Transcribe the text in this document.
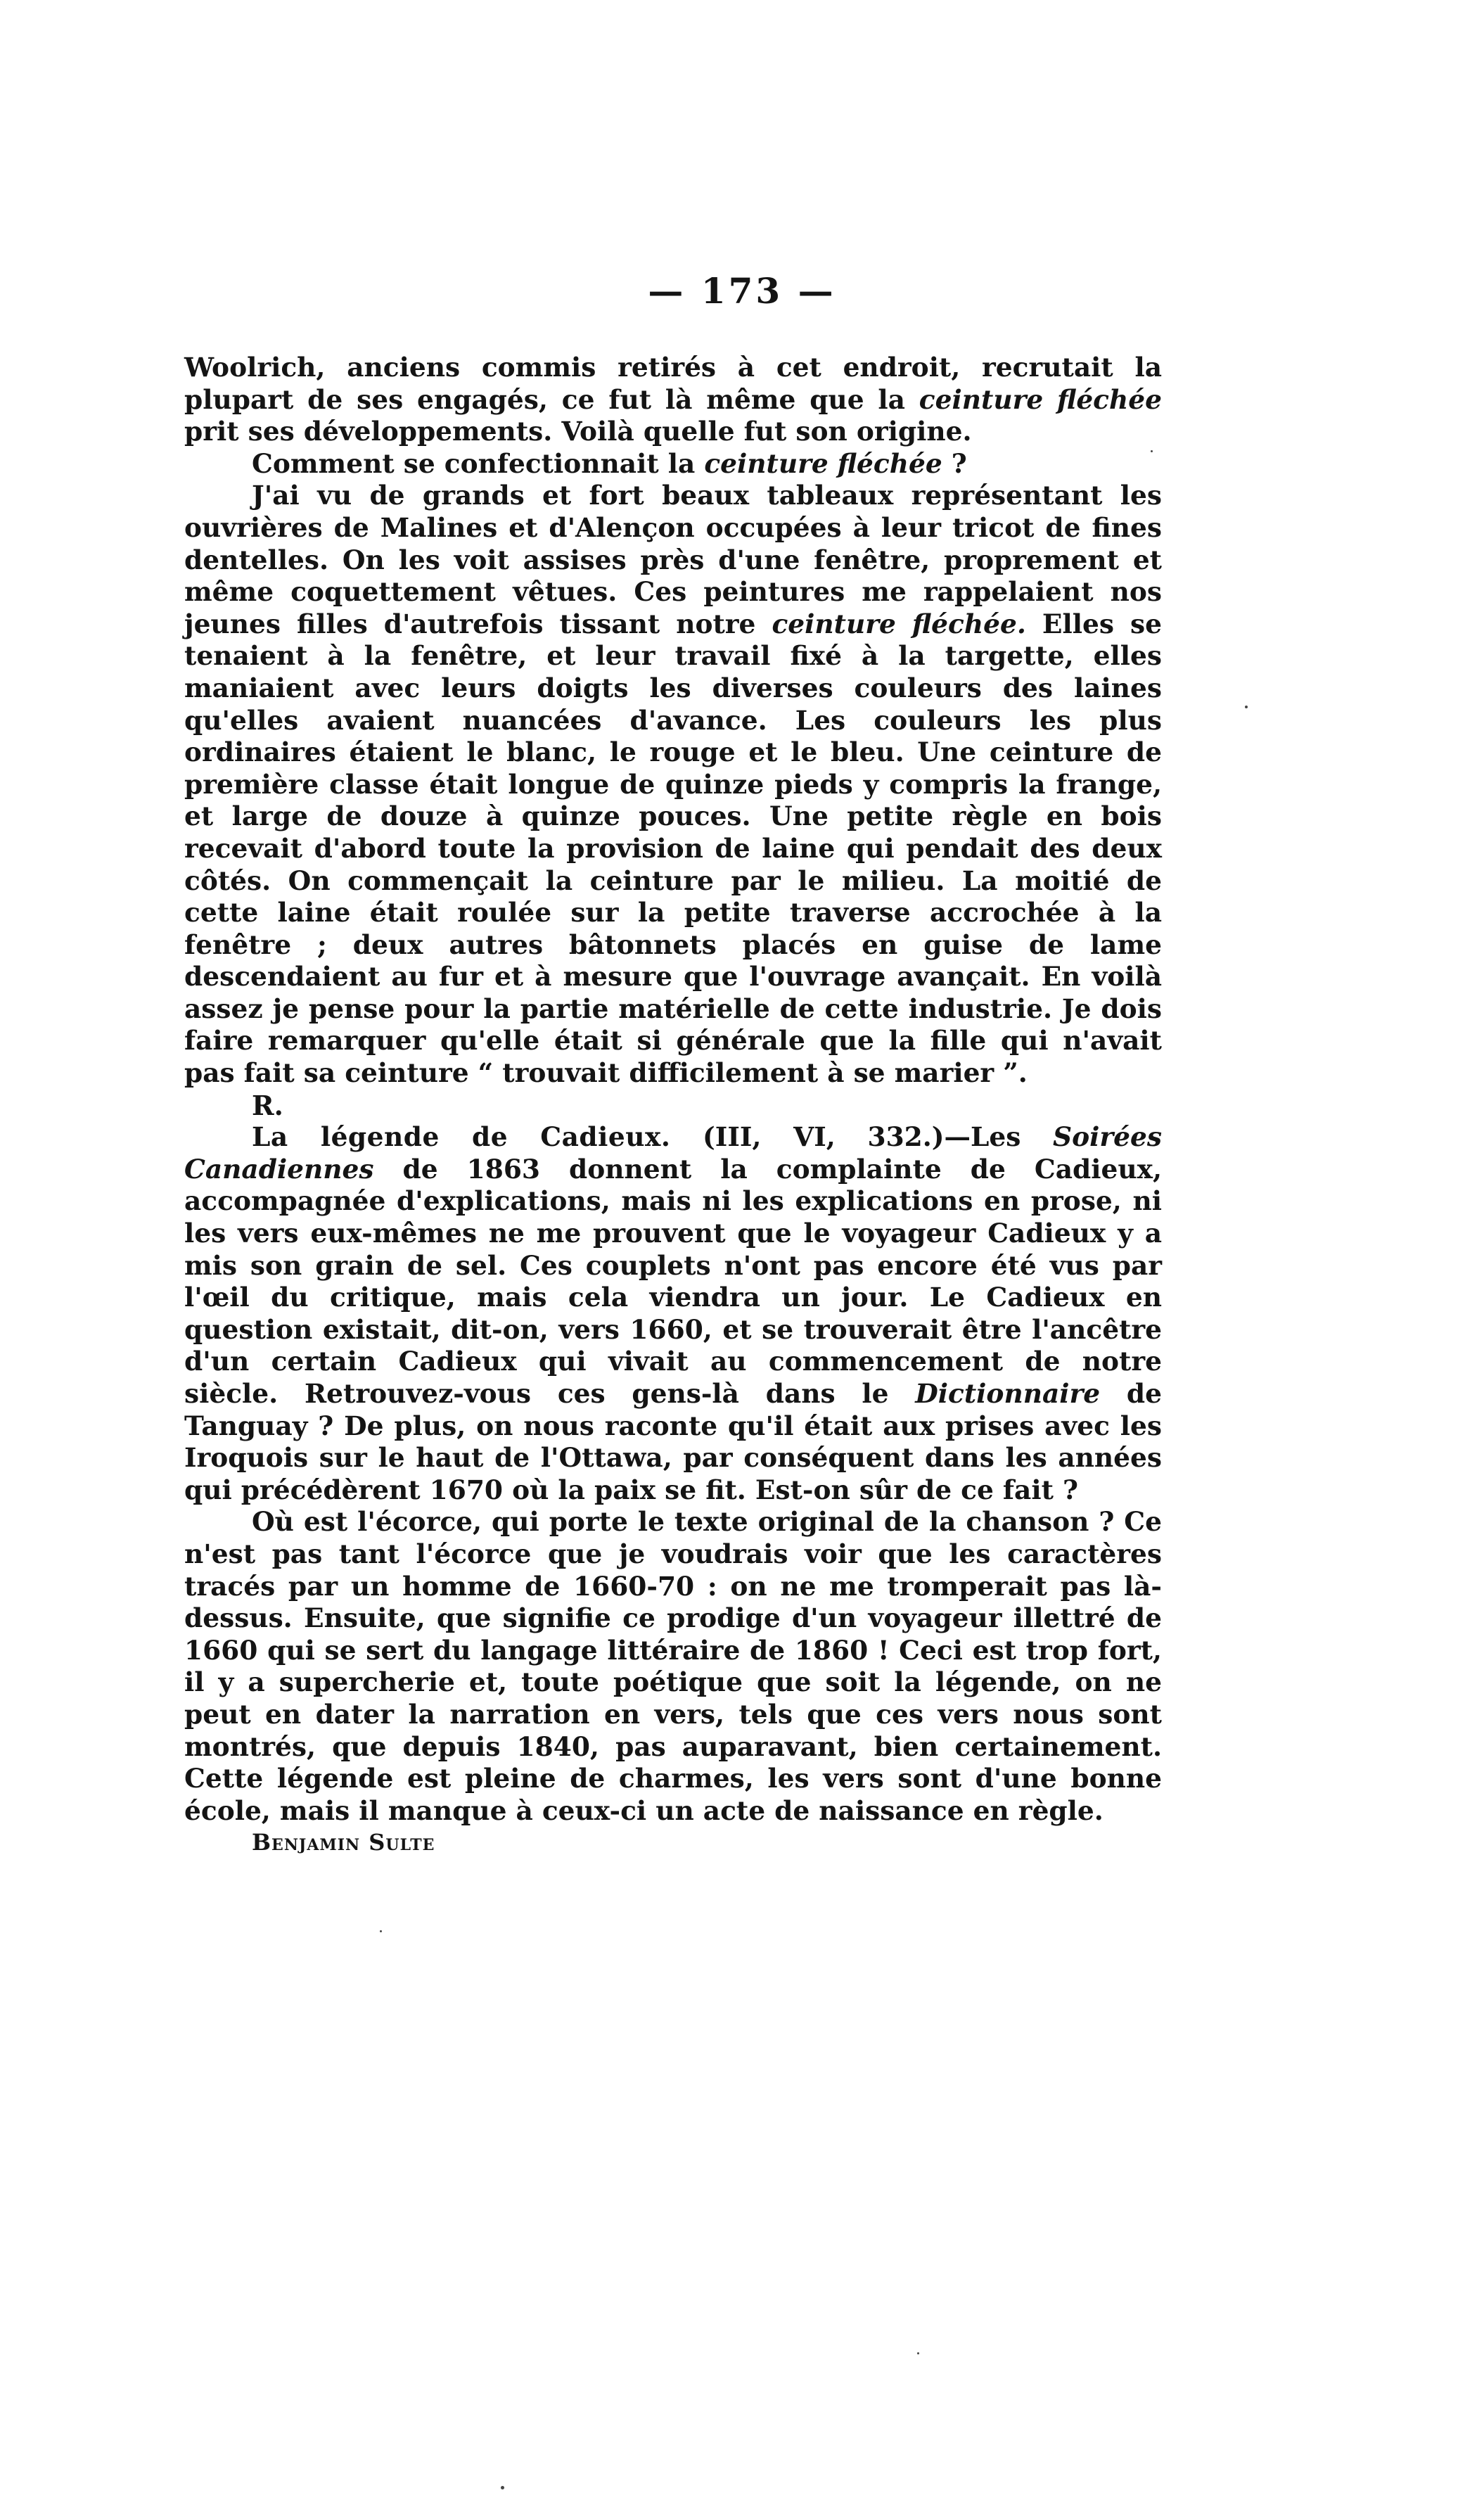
— 173 —

Woolrich, anciens commis retirés à cet endroit, recrutait la plupart de ses engagés, ce fut là même que la ceinture fléchée prit ses développements. Voilà quelle fut son origine.

Comment se confectionnait la ceinture fléchée ?

J'ai vu de grands et fort beaux tableaux représentant les ouvrières de Malines et d'Alençon occupées à leur tricot de fines dentelles. On les voit assises près d'une fenêtre, proprement et même coquettement vêtues. Ces peintures me rappelaient nos jeunes filles d'autrefois tissant notre ceinture fléchée. Elles se tenaient à la fenêtre, et leur travail fixé à la targette, elles maniaient avec leurs doigts les diverses couleurs des laines qu'elles avaient nuancées d'avance. Les couleurs les plus ordinaires étaient le blanc, le rouge et le bleu. Une ceinture de première classe était longue de quinze pieds y compris la frange, et large de douze à quinze pouces. Une petite règle en bois recevait d'abord toute la provision de laine qui pendait des deux côtés. On commençait la ceinture par le milieu. La moitié de cette laine était roulée sur la petite traverse accrochée à la fenêtre ; deux autres bâtonnets placés en guise de lame descendaient au fur et à mesure que l'ouvrage avançait. En voilà assez je pense pour la partie matérielle de cette industrie. Je dois faire remarquer qu'elle était si générale que la fille qui n'avait pas fait sa ceinture “ trouvait difficilement à se marier ”.

R.

La légende de Cadieux. (III, VI, 332.)—Les Soirées Canadiennes de 1863 donnent la complainte de Cadieux, accompagnée d'explications, mais ni les explications en prose, ni les vers eux-mêmes ne me prouvent que le voyageur Cadieux y a mis son grain de sel. Ces couplets n'ont pas encore été vus par l'œil du critique, mais cela viendra un jour. Le Cadieux en question existait, dit-on, vers 1660, et se trouverait être l'ancêtre d'un certain Cadieux qui vivait au commencement de notre siècle. Retrouvez-vous ces gens-là dans le Dictionnaire de Tanguay ? De plus, on nous raconte qu'il était aux prises avec les Iroquois sur le haut de l'Ottawa, par conséquent dans les années qui précédèrent 1670 où la paix se fit. Est-on sûr de ce fait ?

Où est l'écorce, qui porte le texte original de la chanson ? Ce n'est pas tant l'écorce que je voudrais voir que les caractères tracés par un homme de 1660-70 : on ne me tromperait pas là-dessus. Ensuite, que signifie ce prodige d'un voyageur illettré de 1660 qui se sert du langage littéraire de 1860 ! Ceci est trop fort, il y a supercherie et, toute poétique que soit la légende, on ne peut en dater la narration en vers, tels que ces vers nous sont montrés, que depuis 1840, pas auparavant, bien certainement. Cette légende est pleine de charmes, les vers sont d'une bonne école, mais il manque à ceux-ci un acte de naissance en règle.

Benjamin Sulte
